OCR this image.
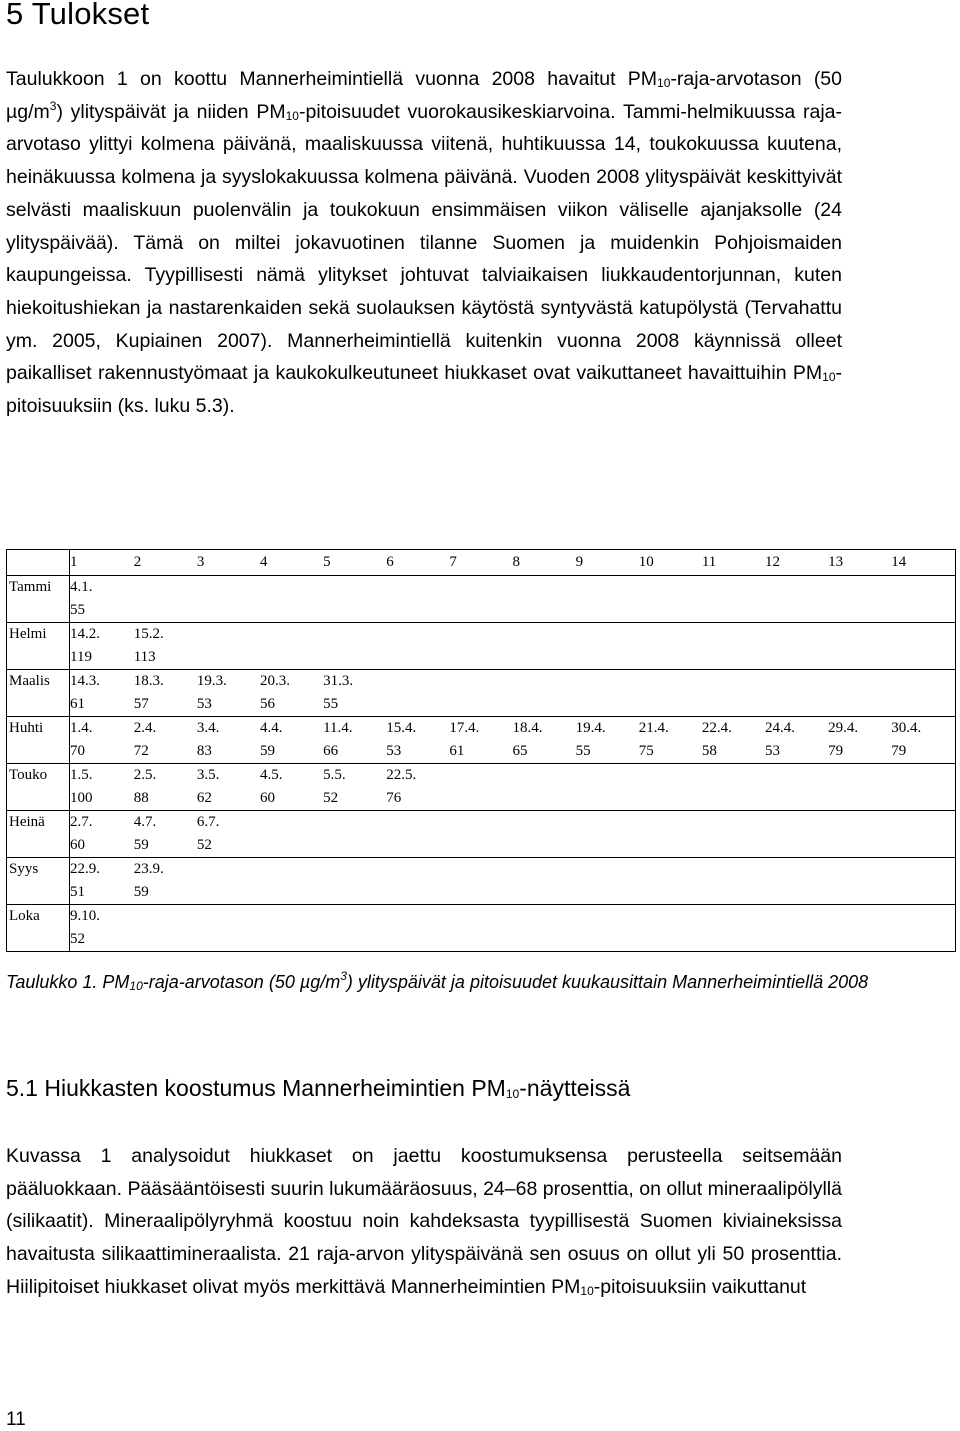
5 Tulokset

Taulukkoon 1 on koottu Mannerheimintiellä vuonna 2008 havaitut $PM_{10}-raja$-arvotason (50 $\mu g/m^3$) ylityspäivät ja niiden $PM_{10}$-pitoisuudet vuorokausikeskiarvoina. Tammi-helmikuussa raja-arvotaso ylittyi kolmena päivänä, maaliskuussa viitenä, huhtikuussa 14, toukokuussa kuutena, heinäkuussa kolmena ja syyslokakuussa kolmena päivänä. Vuoden 2008 ylityspäivät keskittyivät selvästi maaliskuun puolenvälin ja toukokuun ensimmäisen viikon väliselle ajanjaksolle (24 ylityspäivää). Tämä on miltei jokavuotinen tilanne Suomen ja muidenkin Pohjoismaiden kaupungeissa. Tyypillisesti nämä ylitykset johtuvat talviaikaisen liukkaudentorjunnan, kuten hiekoitushiekan ja nastarenkaiden sekä suolauksen käytöstä syntyvästä katupölystä (Tervahattu ym. 2005, Kupiainen 2007). Mannerheimintiellä kuitenkin vuonna 2008 käynnissä olleet paikalliset rakennustyömaat ja kaukokulkeutuneet hiukkaset ovat vaikuttaneet havaittuihin $PM_{10}$-pitoisuuksiin (ks. luku 5.3).

	1	2	3	4	5	6	7	8	9	10	11	12	13	14
Tammi	4.1.													
	55													
Helmi	14.2.	15.2.												
	119	113												
Maalis	14.3.	18.3.	19.3.	20.3.	31.3.									
	61	57	53	56	55									
Huhti	1.4.	2.4.	3.4.	4.4.	11.4.	15.4.	17.4.	18.4.	19.4.	21.4.	22.4.	24.4.	29.4.	30.4.
	70	72	83	59	66	53	61	65	55	75	58	53	79	79
Touko	1.5.	2.5.	3.5.	4.5.	5.5.	22.5.								
	100	88	62	60	52	76								
Heinä	2.7.	4.7.	6.7.											
	60	59	52											
Syys	22.9.	23.9.												
	51	59												
Loka	9.10.													
	52													

Taulukko 1. $PM_{10}-raja$-arvotason (50 $\mu g/m^3$) ylityspäivät ja pitoisuudet kuukausittain Mannerheimintiellä 2008

5.1 Hiukkasten koostumus Mannerheimintien $PM_{10}$-näytteissä

Kuvassa 1 analysoidut hiukkaset on jaettu koostumuksensa perusteella seitsemään pääluokkaan. Pääsääntöisesti suurin lukumääräosuus, 24–68 prosenttia, on ollut mineraalipölyllä (silikaatit). Mineraalipölyryhmä koostuu noin kahdeksasta tyypillisestä Suomen kiviaineksissa havaitusta silikaattimineraalista. 21 raja-arvon ylityspäivänä sen osuus on ollut yli 50 prosenttia. Hiilipitoiset hiukkaset olivat myös merkittävä Mannerheimintien $PM_{10}$-pitoisuuksiin vaikuttanut

11
